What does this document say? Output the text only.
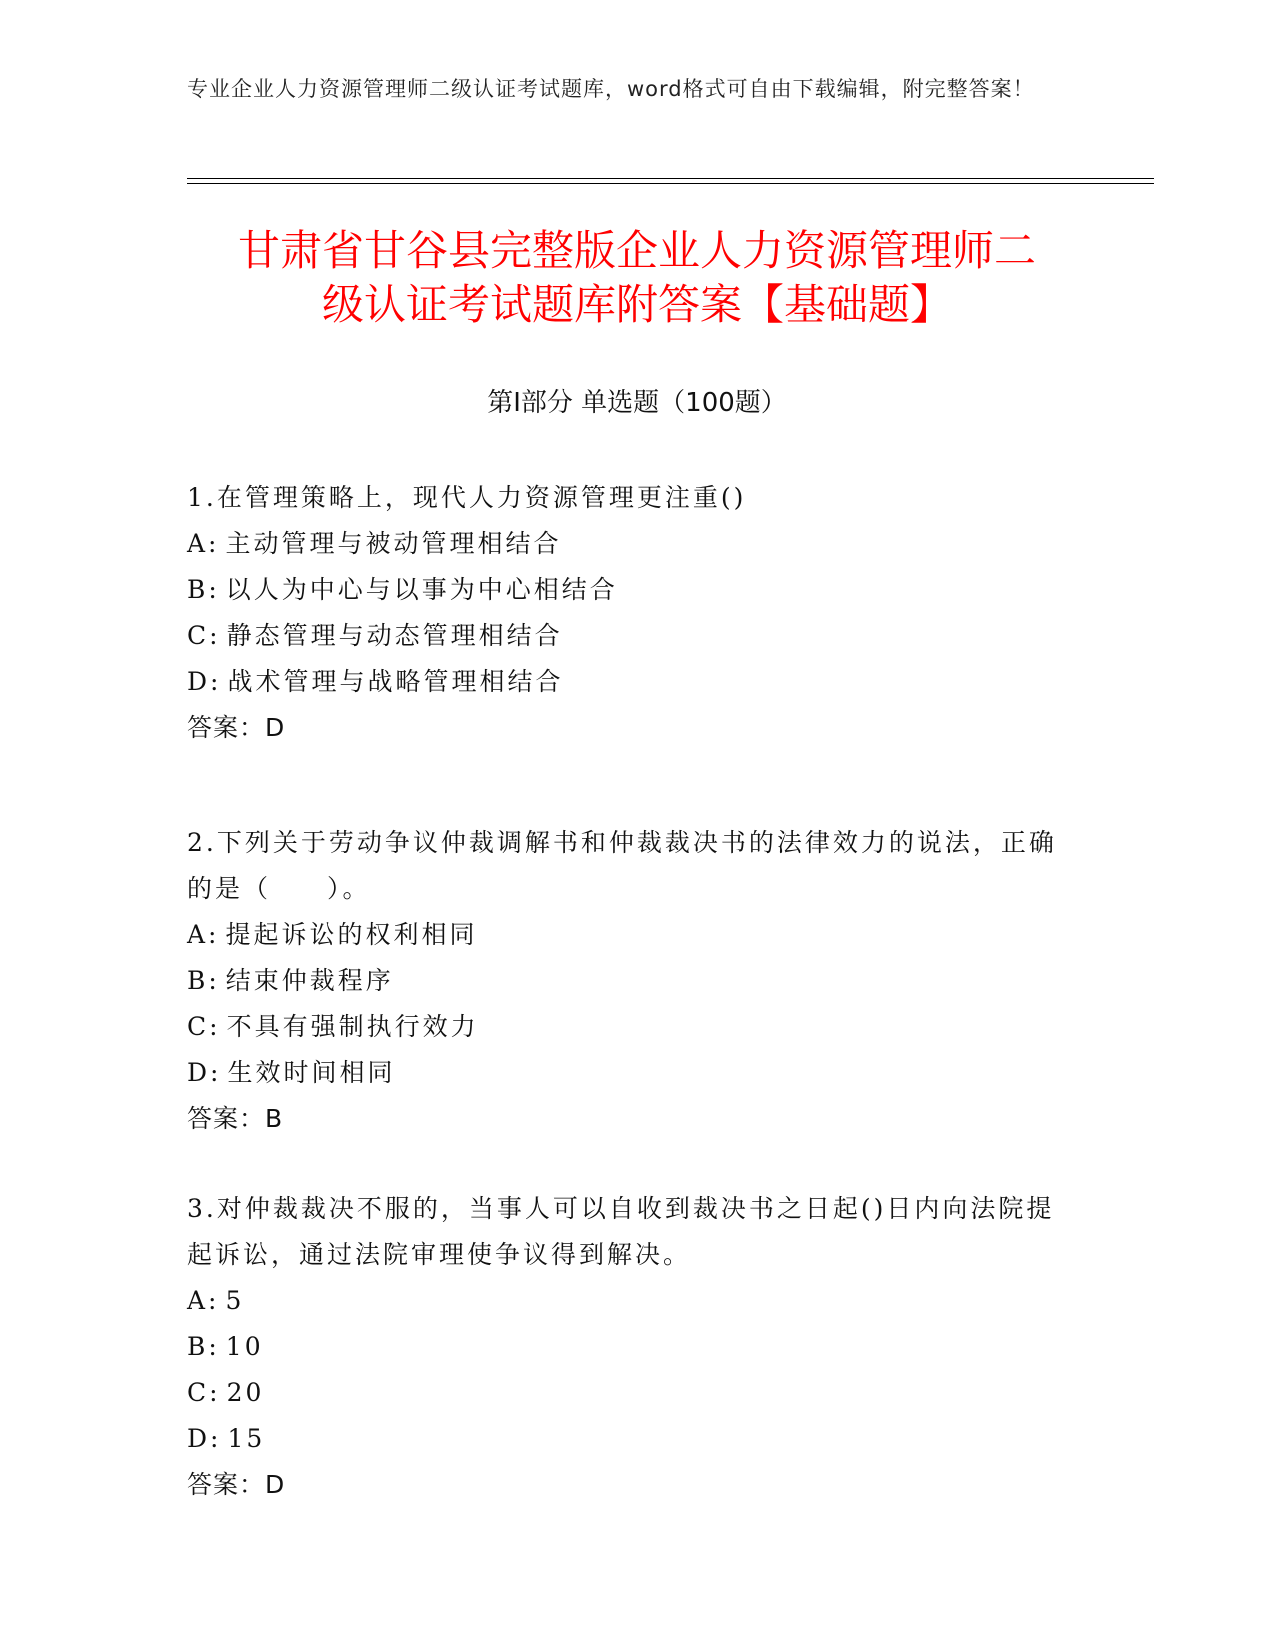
专业企业人力资源管理师二级认证考试题库，word格式可自由下载编辑，附完整答案！
甘肃省甘谷县完整版企业人力资源管理师二
级认证考试题库附答案【基础题】
第I部分 单选题（100题）

1.在管理策略上，现代人力资源管理更注重()

A: 主动管理与被动管理相结合

B: 以人为中心与以事为中心相结合

C: 静态管理与动态管理相结合

D: 战术管理与战略管理相结合

答案：D

2.下列关于劳动争议仲裁调解书和仲裁裁决书的法律效力的说法，正确的是（　　）。

A: 提起诉讼的权利相同

B: 结束仲裁程序

C: 不具有强制执行效力

D: 生效时间相同

答案：B

3.对仲裁裁决不服的，当事人可以自收到裁决书之日起()日内向法院提起诉讼，通过法院审理使争议得到解决。

A: 5

B: 10

C: 20

D: 15

答案：D
